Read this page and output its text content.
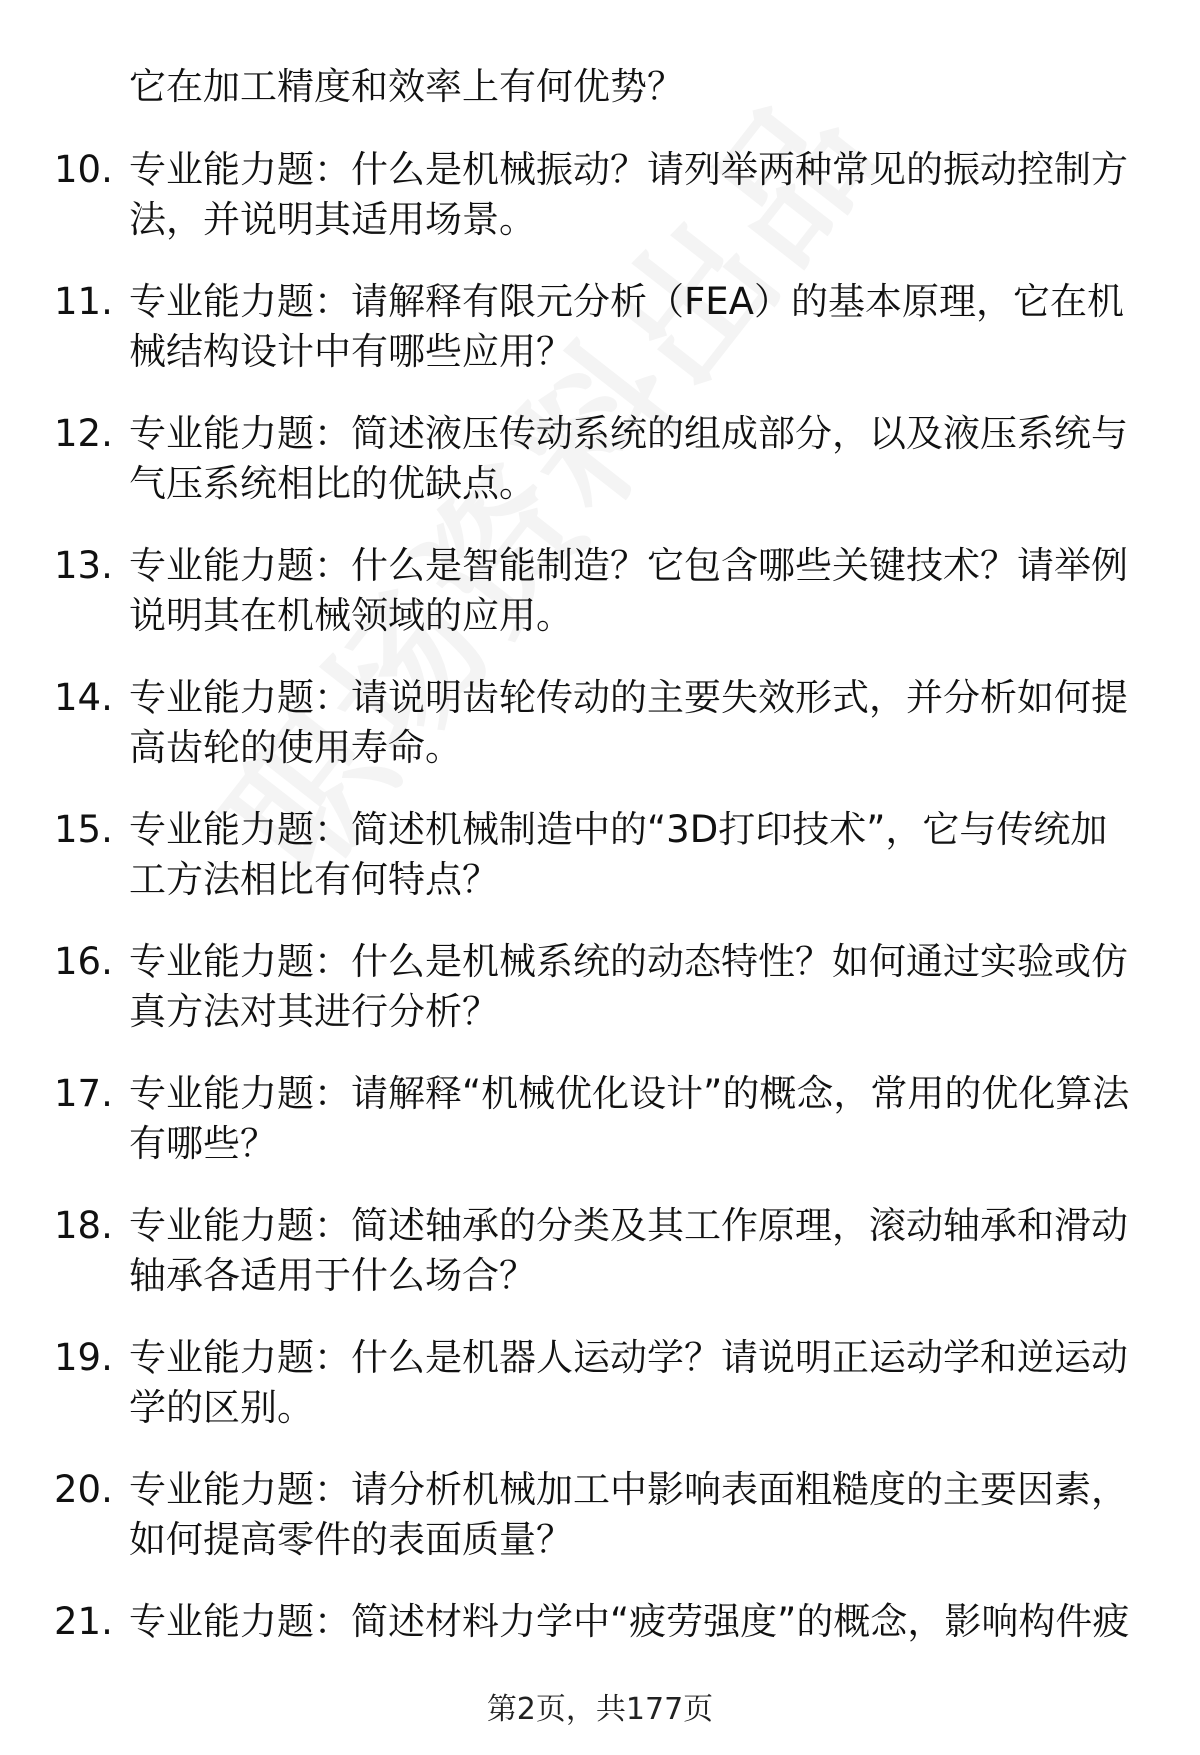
它在加工精度和效率上有何优势？

10. 专业能力题：什么是机械振动？请列举两种常见的振动控制方法，并说明其适用场景。
11. 专业能力题：请解释有限元分析（FEA）的基本原理，它在机械结构设计中有哪些应用？
12. 专业能力题：简述液压传动系统的组成部分，以及液压系统与气压系统相比的优缺点。
13. 专业能力题：什么是智能制造？它包含哪些关键技术？请举例说明其在机械领域的应用。
14. 专业能力题：请说明齿轮传动的主要失效形式，并分析如何提高齿轮的使用寿命。
15. 专业能力题：简述机械制造中的“3D打印技术”，它与传统加工方法相比有何特点？
16. 专业能力题：什么是机械系统的动态特性？如何通过实验或仿真方法对其进行分析？
17. 专业能力题：请解释“机械优化设计”的概念，常用的优化算法有哪些？
18. 专业能力题：简述轴承的分类及其工作原理，滚动轴承和滑动轴承各适用于什么场合？
19. 专业能力题：什么是机器人运动学？请说明正运动学和逆运动学的区别。
20. 专业能力题：请分析机械加工中影响表面粗糙度的主要因素，如何提高零件的表面质量？
21. 专业能力题：简述材料力学中“疲劳强度”的概念，影响构件疲
第2页，共177页
